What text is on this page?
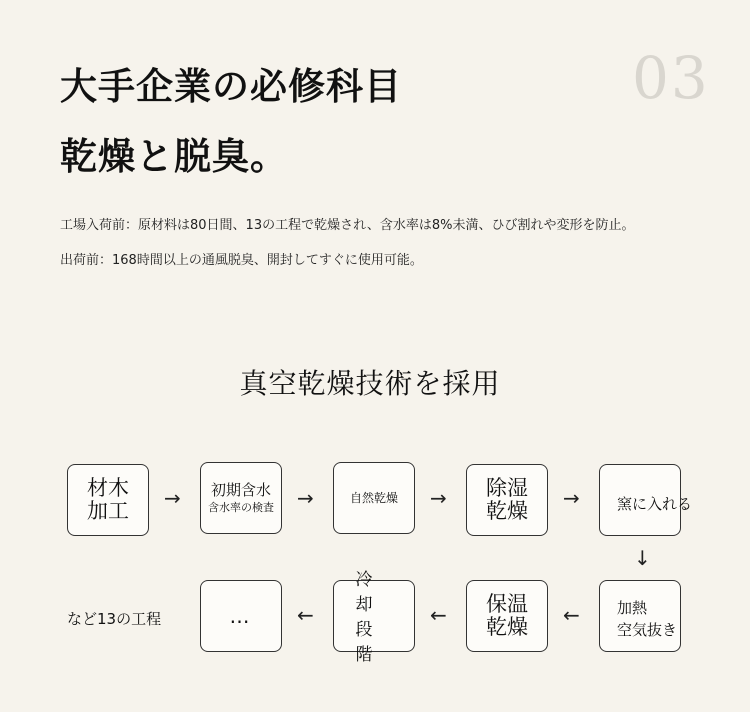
大手企業の必修科目
乾燥と脱臭。
03
工場入荷前：原材料は80日間、13の工程で乾燥され、含水率は8%未満、ひび割れや変形を防止。
出荷前：168時間以上の通風脱臭、開封してすぐに使用可能。
真空乾燥技術を採用
材木
加工
→ 初期含水
含水率の検査 →	自然乾燥 → 除湿
乾燥
→ 窯に入れる
↓
加熱
空気抜き
←
保温
乾燥
←
冷
却
段
階
←
…
など13の工程
